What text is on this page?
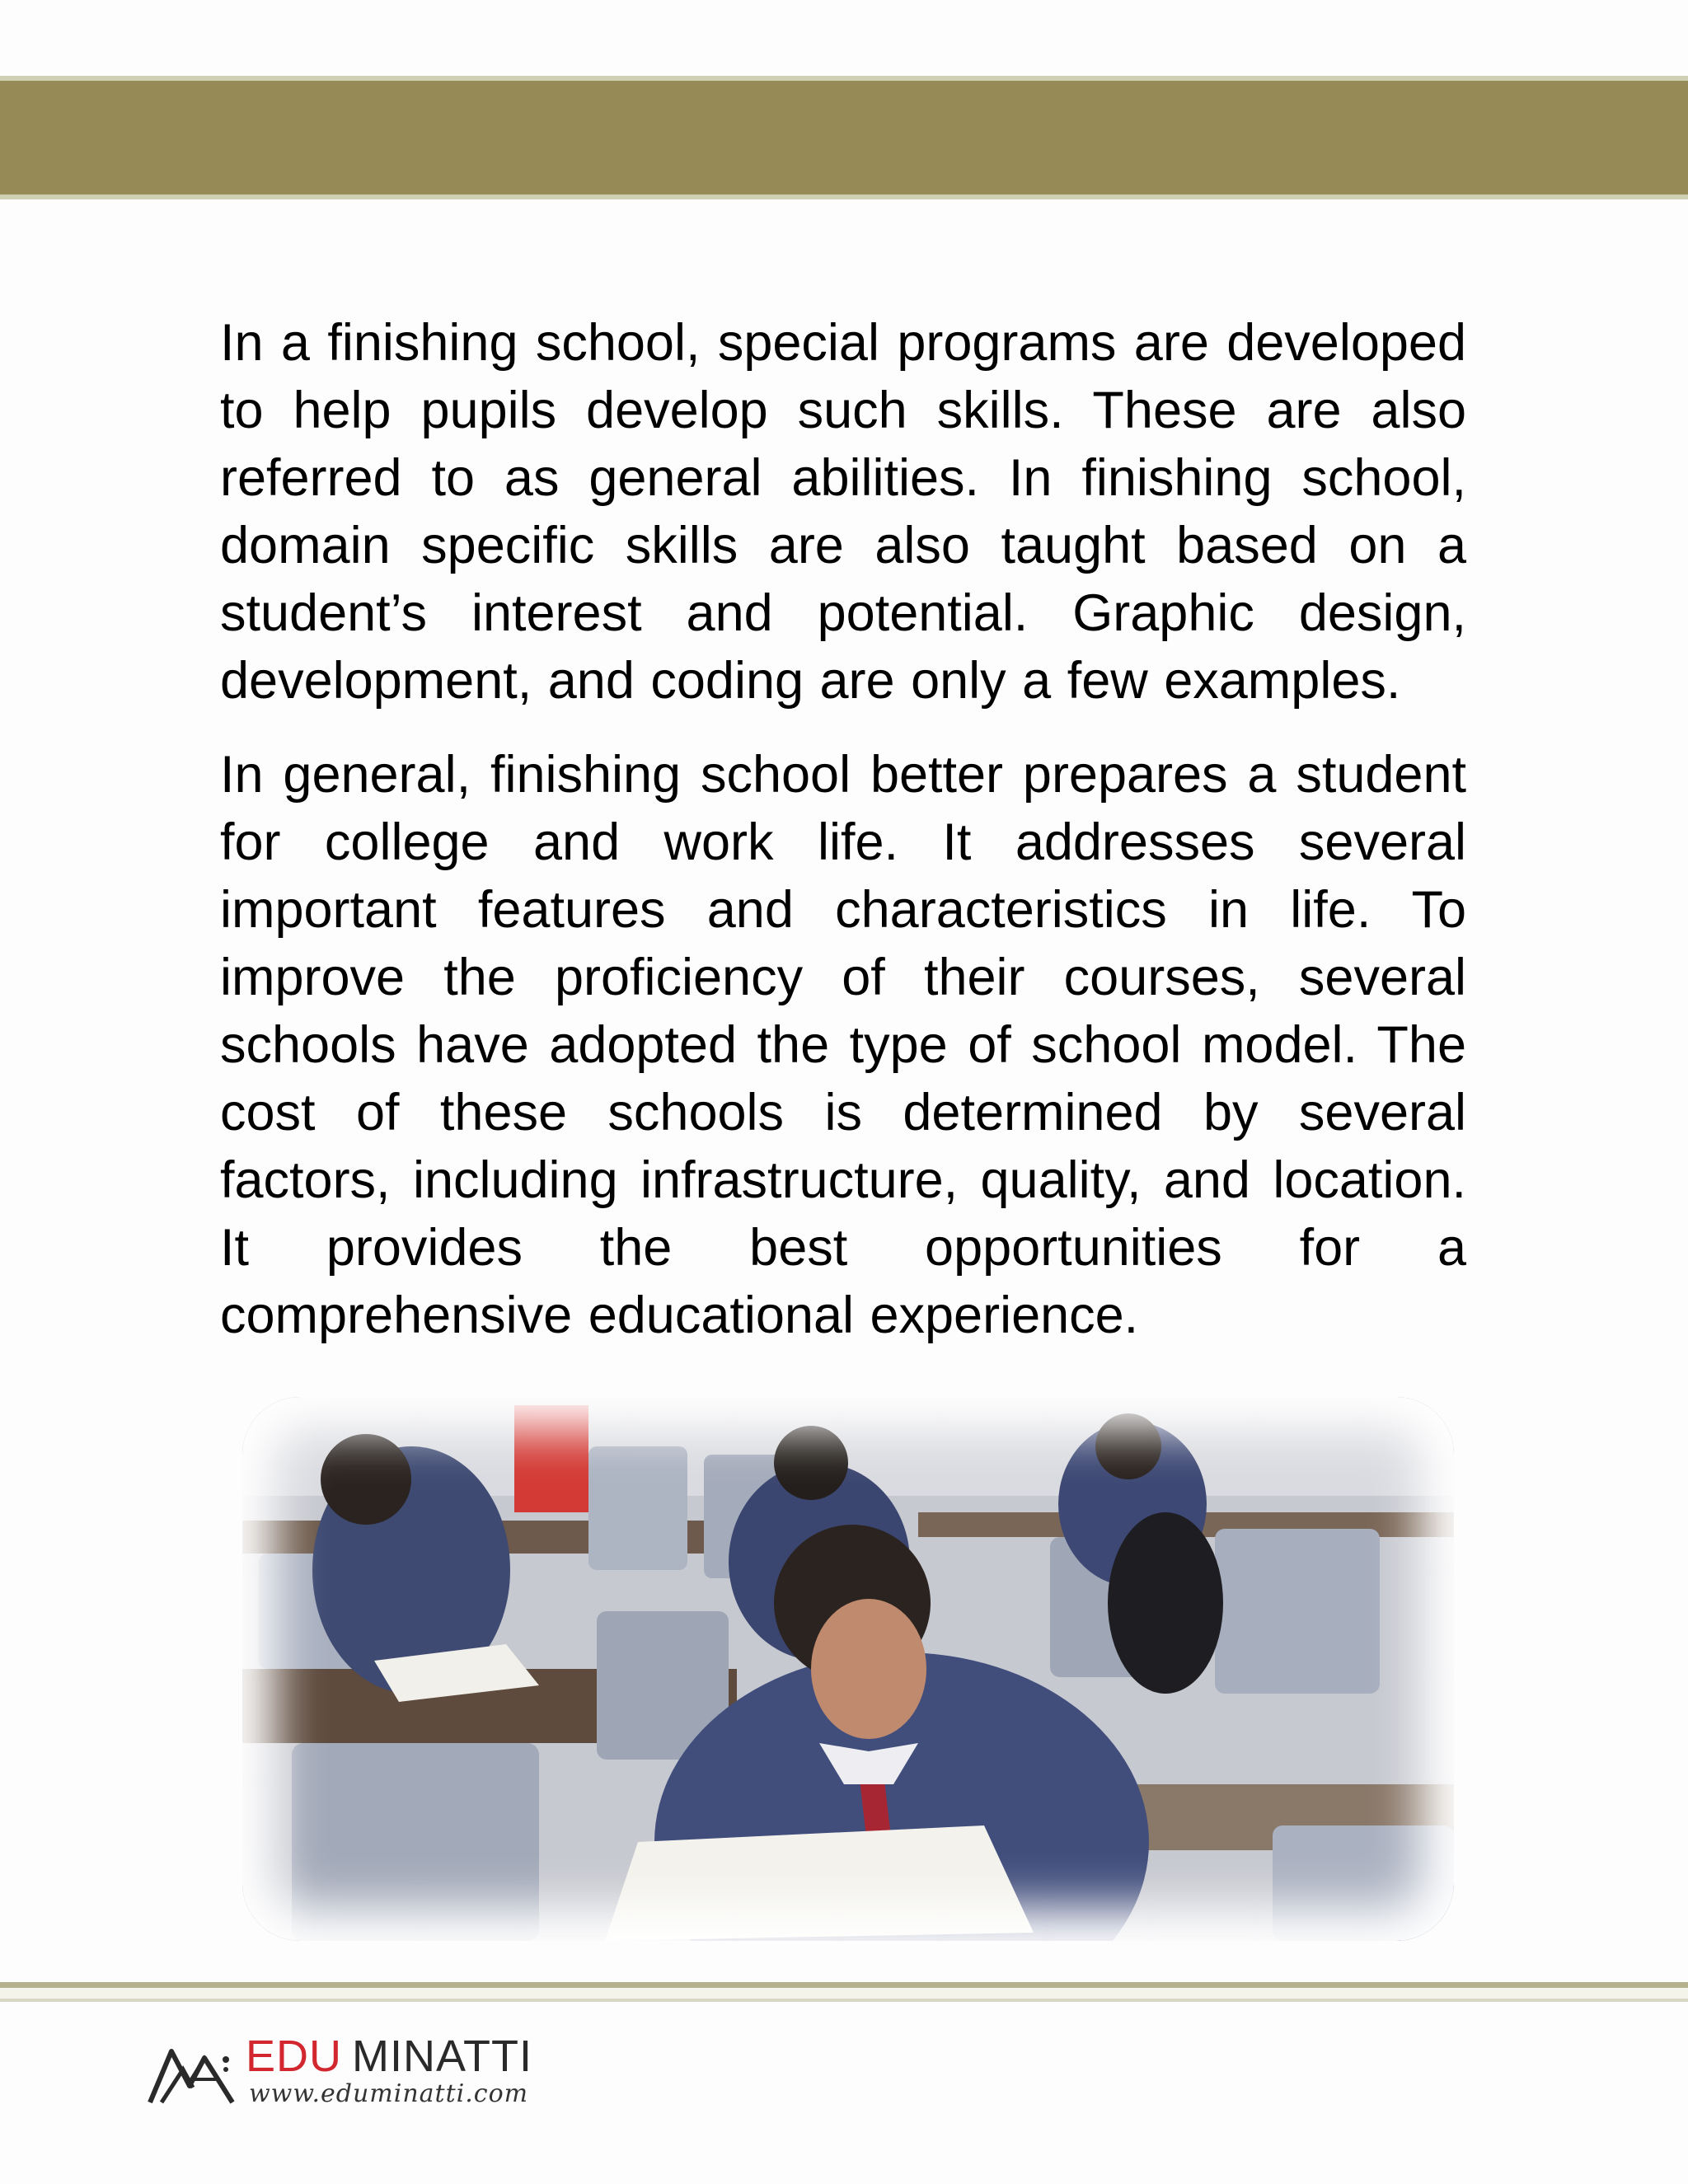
In a finishing school, special programs are developed to help pupils develop such skills. These are also referred to as general abilities. In finishing school, domain specific skills are also taught based on a student’s interest and potential. Graphic design, development, and coding are only a few examples.

In general, finishing school better prepares a student for college and work life. It addresses several important features and characteristics in life. To improve the proficiency of their courses, several schools have adopted the type of school model. The cost of these schools is determined by several factors, including infrastructure, quality, and location. It provides the best opportunities for a comprehensive educational experience.

EDU MINATTI
www.eduminatti.com
